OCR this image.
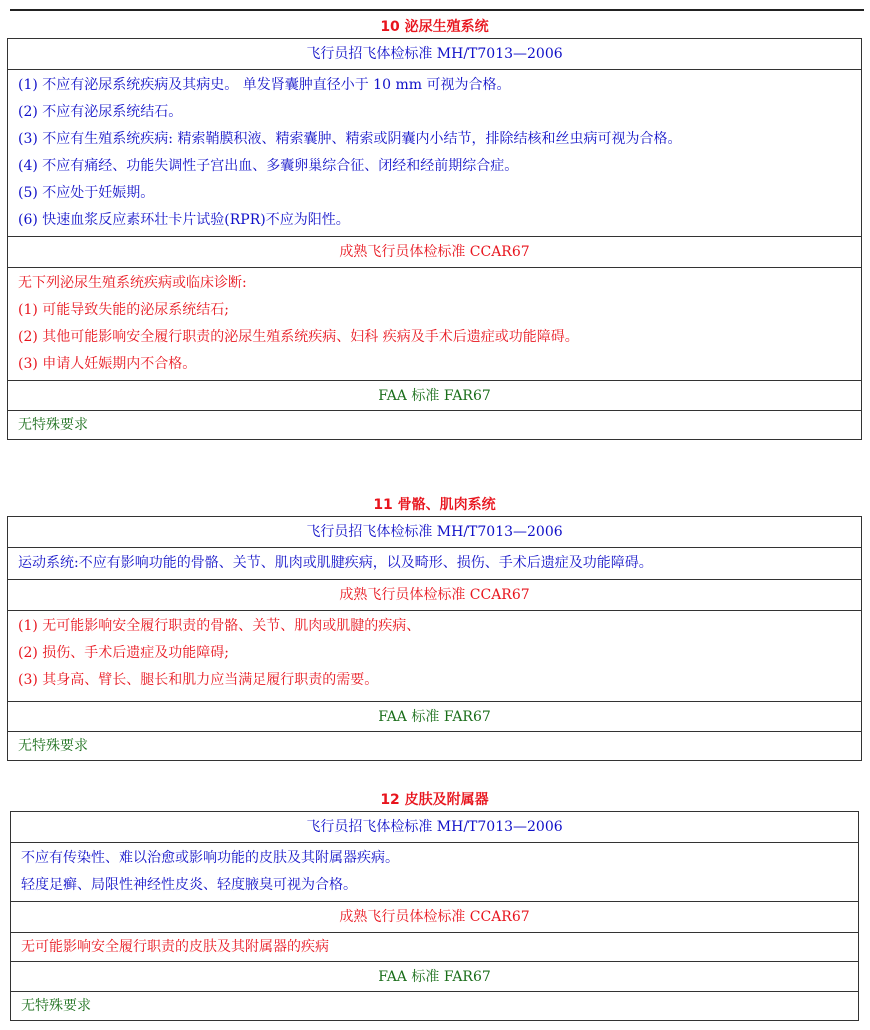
10 泌尿生殖系统
飞行员招飞体检标准 MH/T7013—2006

(1) 不应有泌尿系统疾病及其病史。 单发肾囊肿直径小于 10 mm 可视为合格。
(2) 不应有泌尿系统结石。
(3) 不应有生殖系统疾病: 精索鞘膜积液、精索囊肿、精索或阴囊内小结节，排除结核和丝虫病可视为合格。
(4) 不应有痛经、功能失调性子宫出血、多囊卵巢综合征、闭经和经前期综合症。
(5) 不应处于妊娠期。
(6) 快速血浆反应素环壮卡片试验(RPR)不应为阳性。

成熟飞行员体检标准 CCAR67

无下列泌尿生殖系统疾病或临床诊断:
(1) 可能导致失能的泌尿系统结石;
(2) 其他可能影响安全履行职责的泌尿生殖系统疾病、妇科 疾病及手术后遗症或功能障碍。
(3) 申请人妊娠期内不合格。

FAA 标准 FAR67
无特殊要求
11 骨骼、肌肉系统
飞行员招飞体检标准 MH/T7013—2006

运动系统:不应有影响功能的骨骼、关节、肌肉或肌腱疾病，以及畸形、损伤、手术后遗症及功能障碍。

成熟飞行员体检标准 CCAR67

(1) 无可能影响安全履行职责的骨骼、关节、肌肉或肌腱的疾病、
(2) 损伤、手术后遗症及功能障碍;
(3) 其身高、臂长、腿长和肌力应当满足履行职责的需要。

FAA 标准 FAR67
无特殊要求
12 皮肤及附属器
飞行员招飞体检标准 MH/T7013—2006

不应有传染性、难以治愈或影响功能的皮肤及其附属器疾病。
轻度足癣、局限性神经性皮炎、轻度腋臭可视为合格。

成熟飞行员体检标准 CCAR67
无可能影响安全履行职责的皮肤及其附属器的疾病
FAA 标准 FAR67
无特殊要求
